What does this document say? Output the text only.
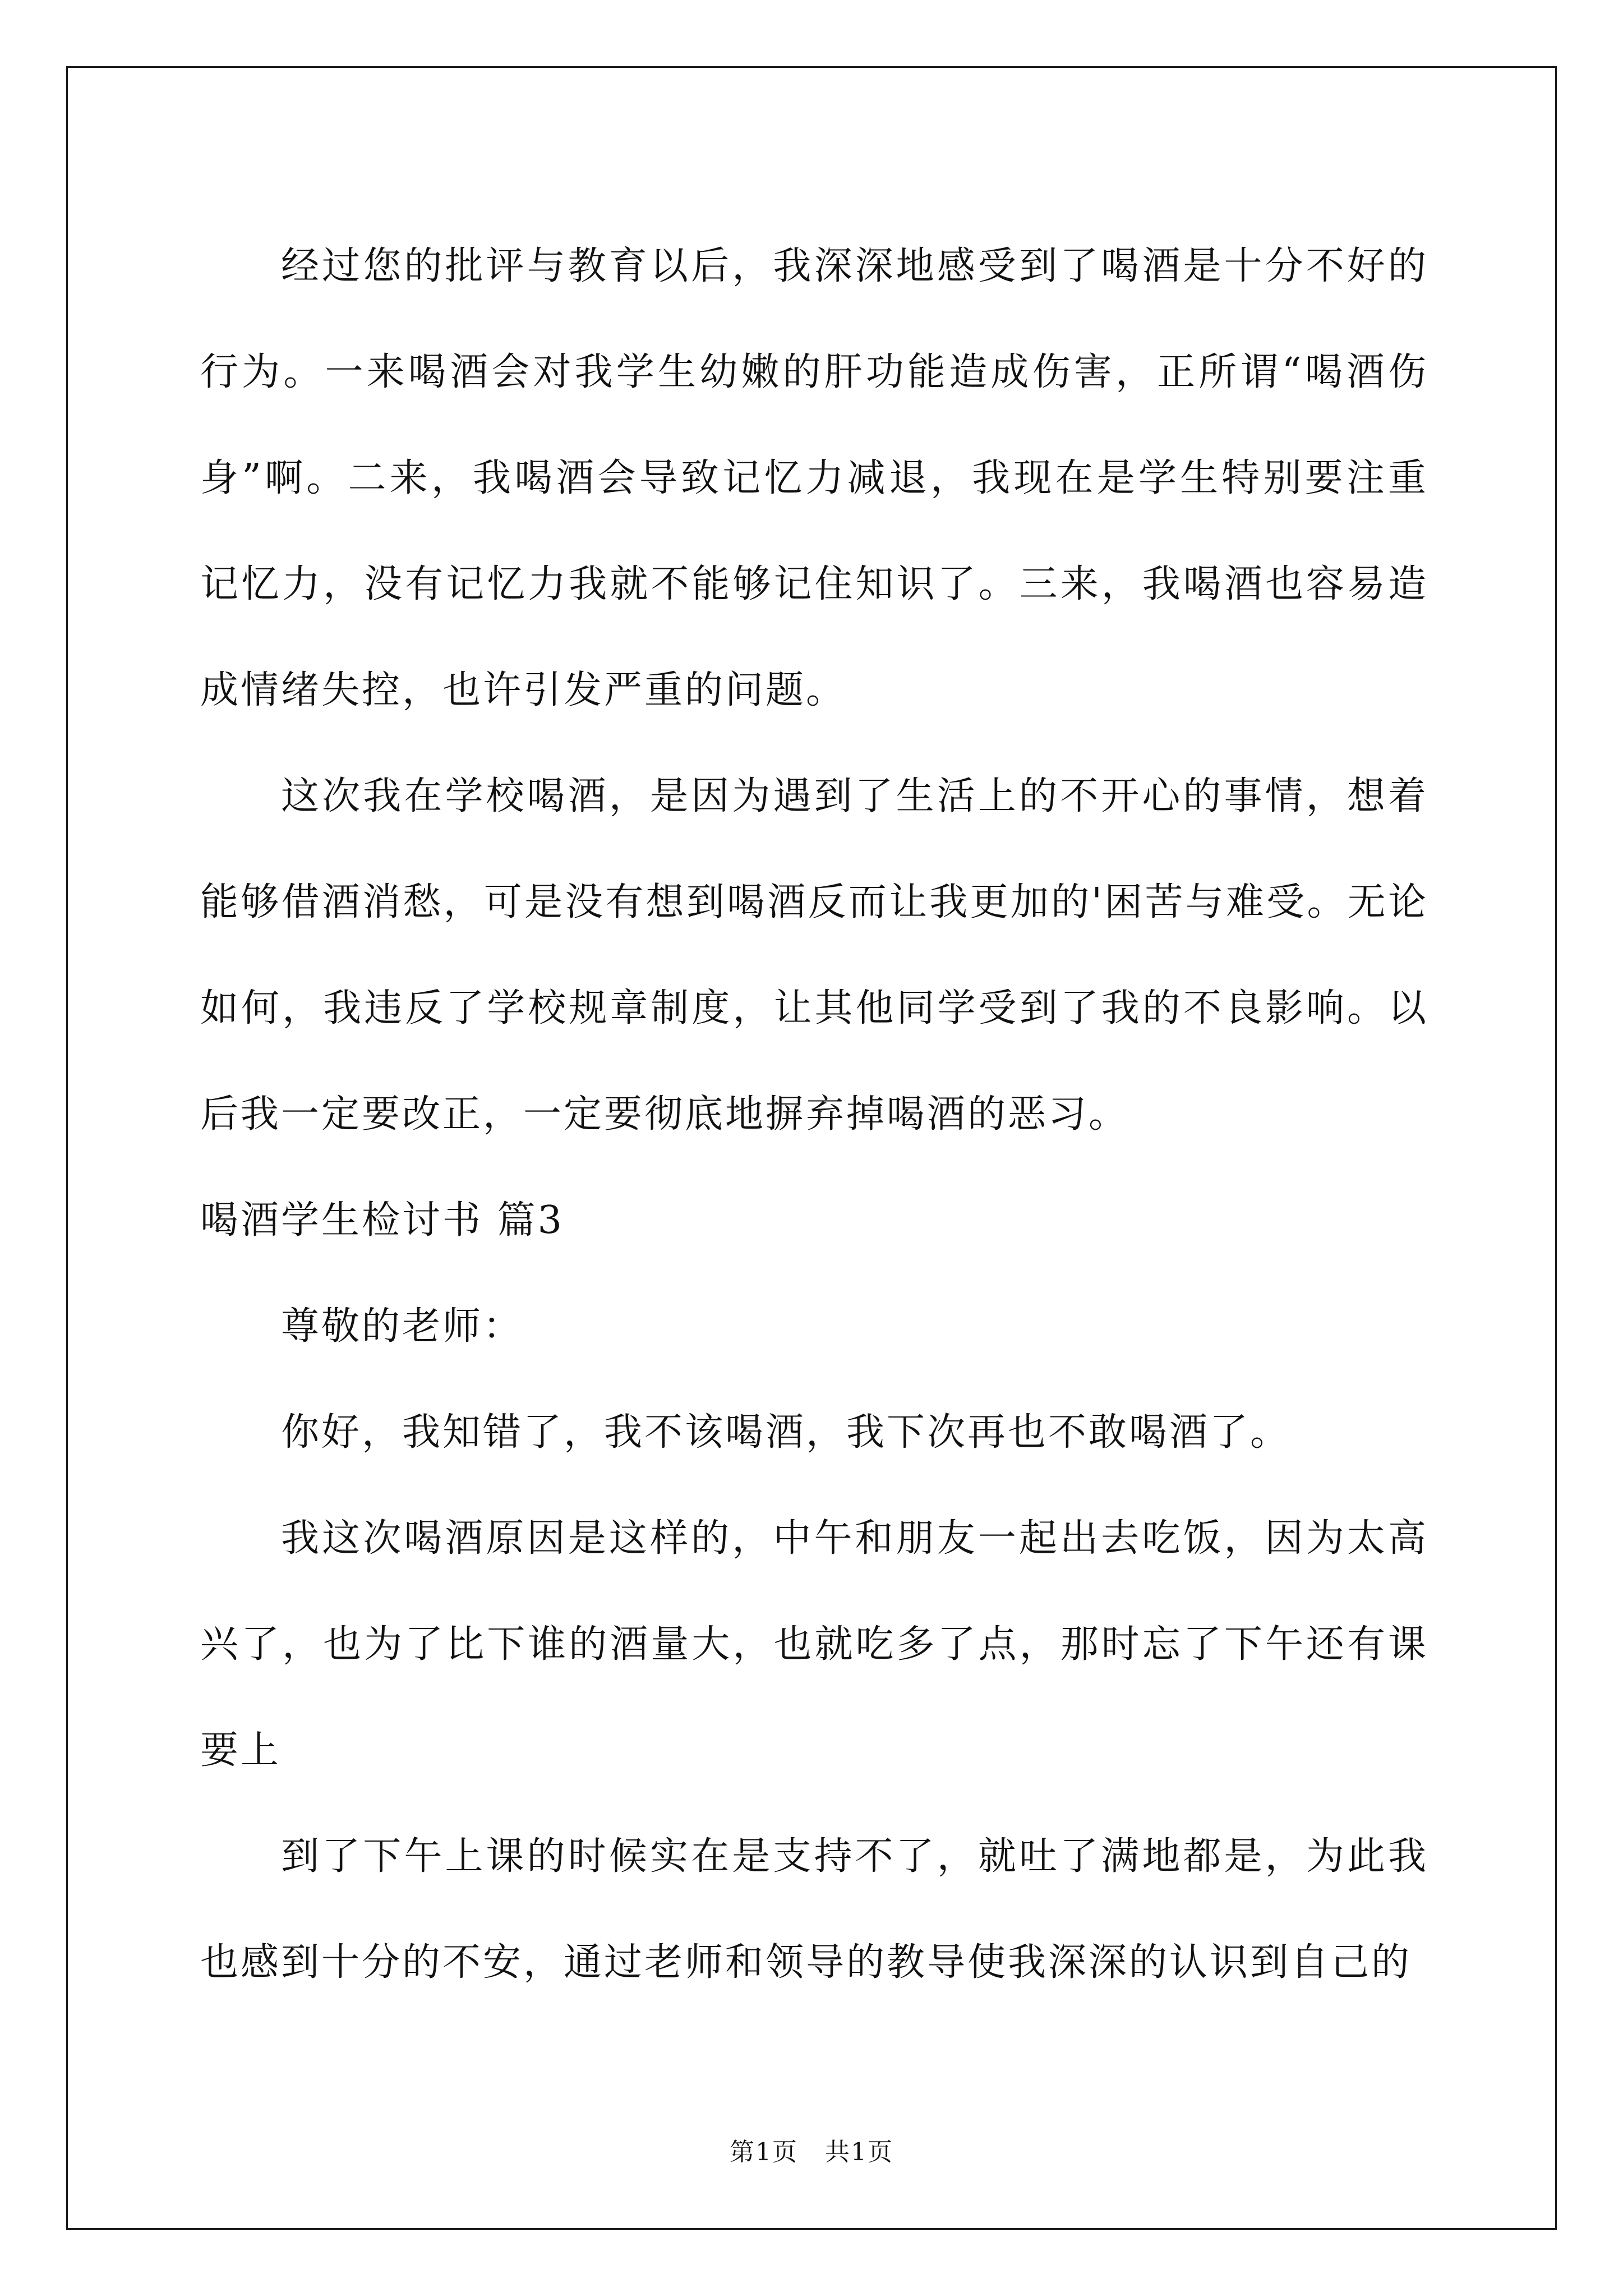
经过您的批评与教育以后，我深深地感受到了喝酒是十分不好的行为。一来喝酒会对我学生幼嫩的肝功能造成伤害，正所谓“喝酒伤身”啊。二来，我喝酒会导致记忆力减退，我现在是学生特别要注重记忆力，没有记忆力我就不能够记住知识了。三来，我喝酒也容易造成情绪失控，也许引发严重的问题。

这次我在学校喝酒，是因为遇到了生活上的不开心的事情，想着能够借酒消愁，可是没有想到喝酒反而让我更加的'困苦与难受。无论如何，我违反了学校规章制度，让其他同学受到了我的不良影响。以后我一定要改正，一定要彻底地摒弃掉喝酒的恶习。

喝酒学生检讨书 篇3

尊敬的老师：

你好，我知错了，我不该喝酒，我下次再也不敢喝酒了。

我这次喝酒原因是这样的，中午和朋友一起出去吃饭，因为太高兴了，也为了比下谁的酒量大，也就吃多了点，那时忘了下午还有课要上

到了下午上课的时候实在是支持不了，就吐了满地都是，为此我也感到十分的不安，通过老师和领导的教导使我深深的认识到自己的

第1页   共1页
